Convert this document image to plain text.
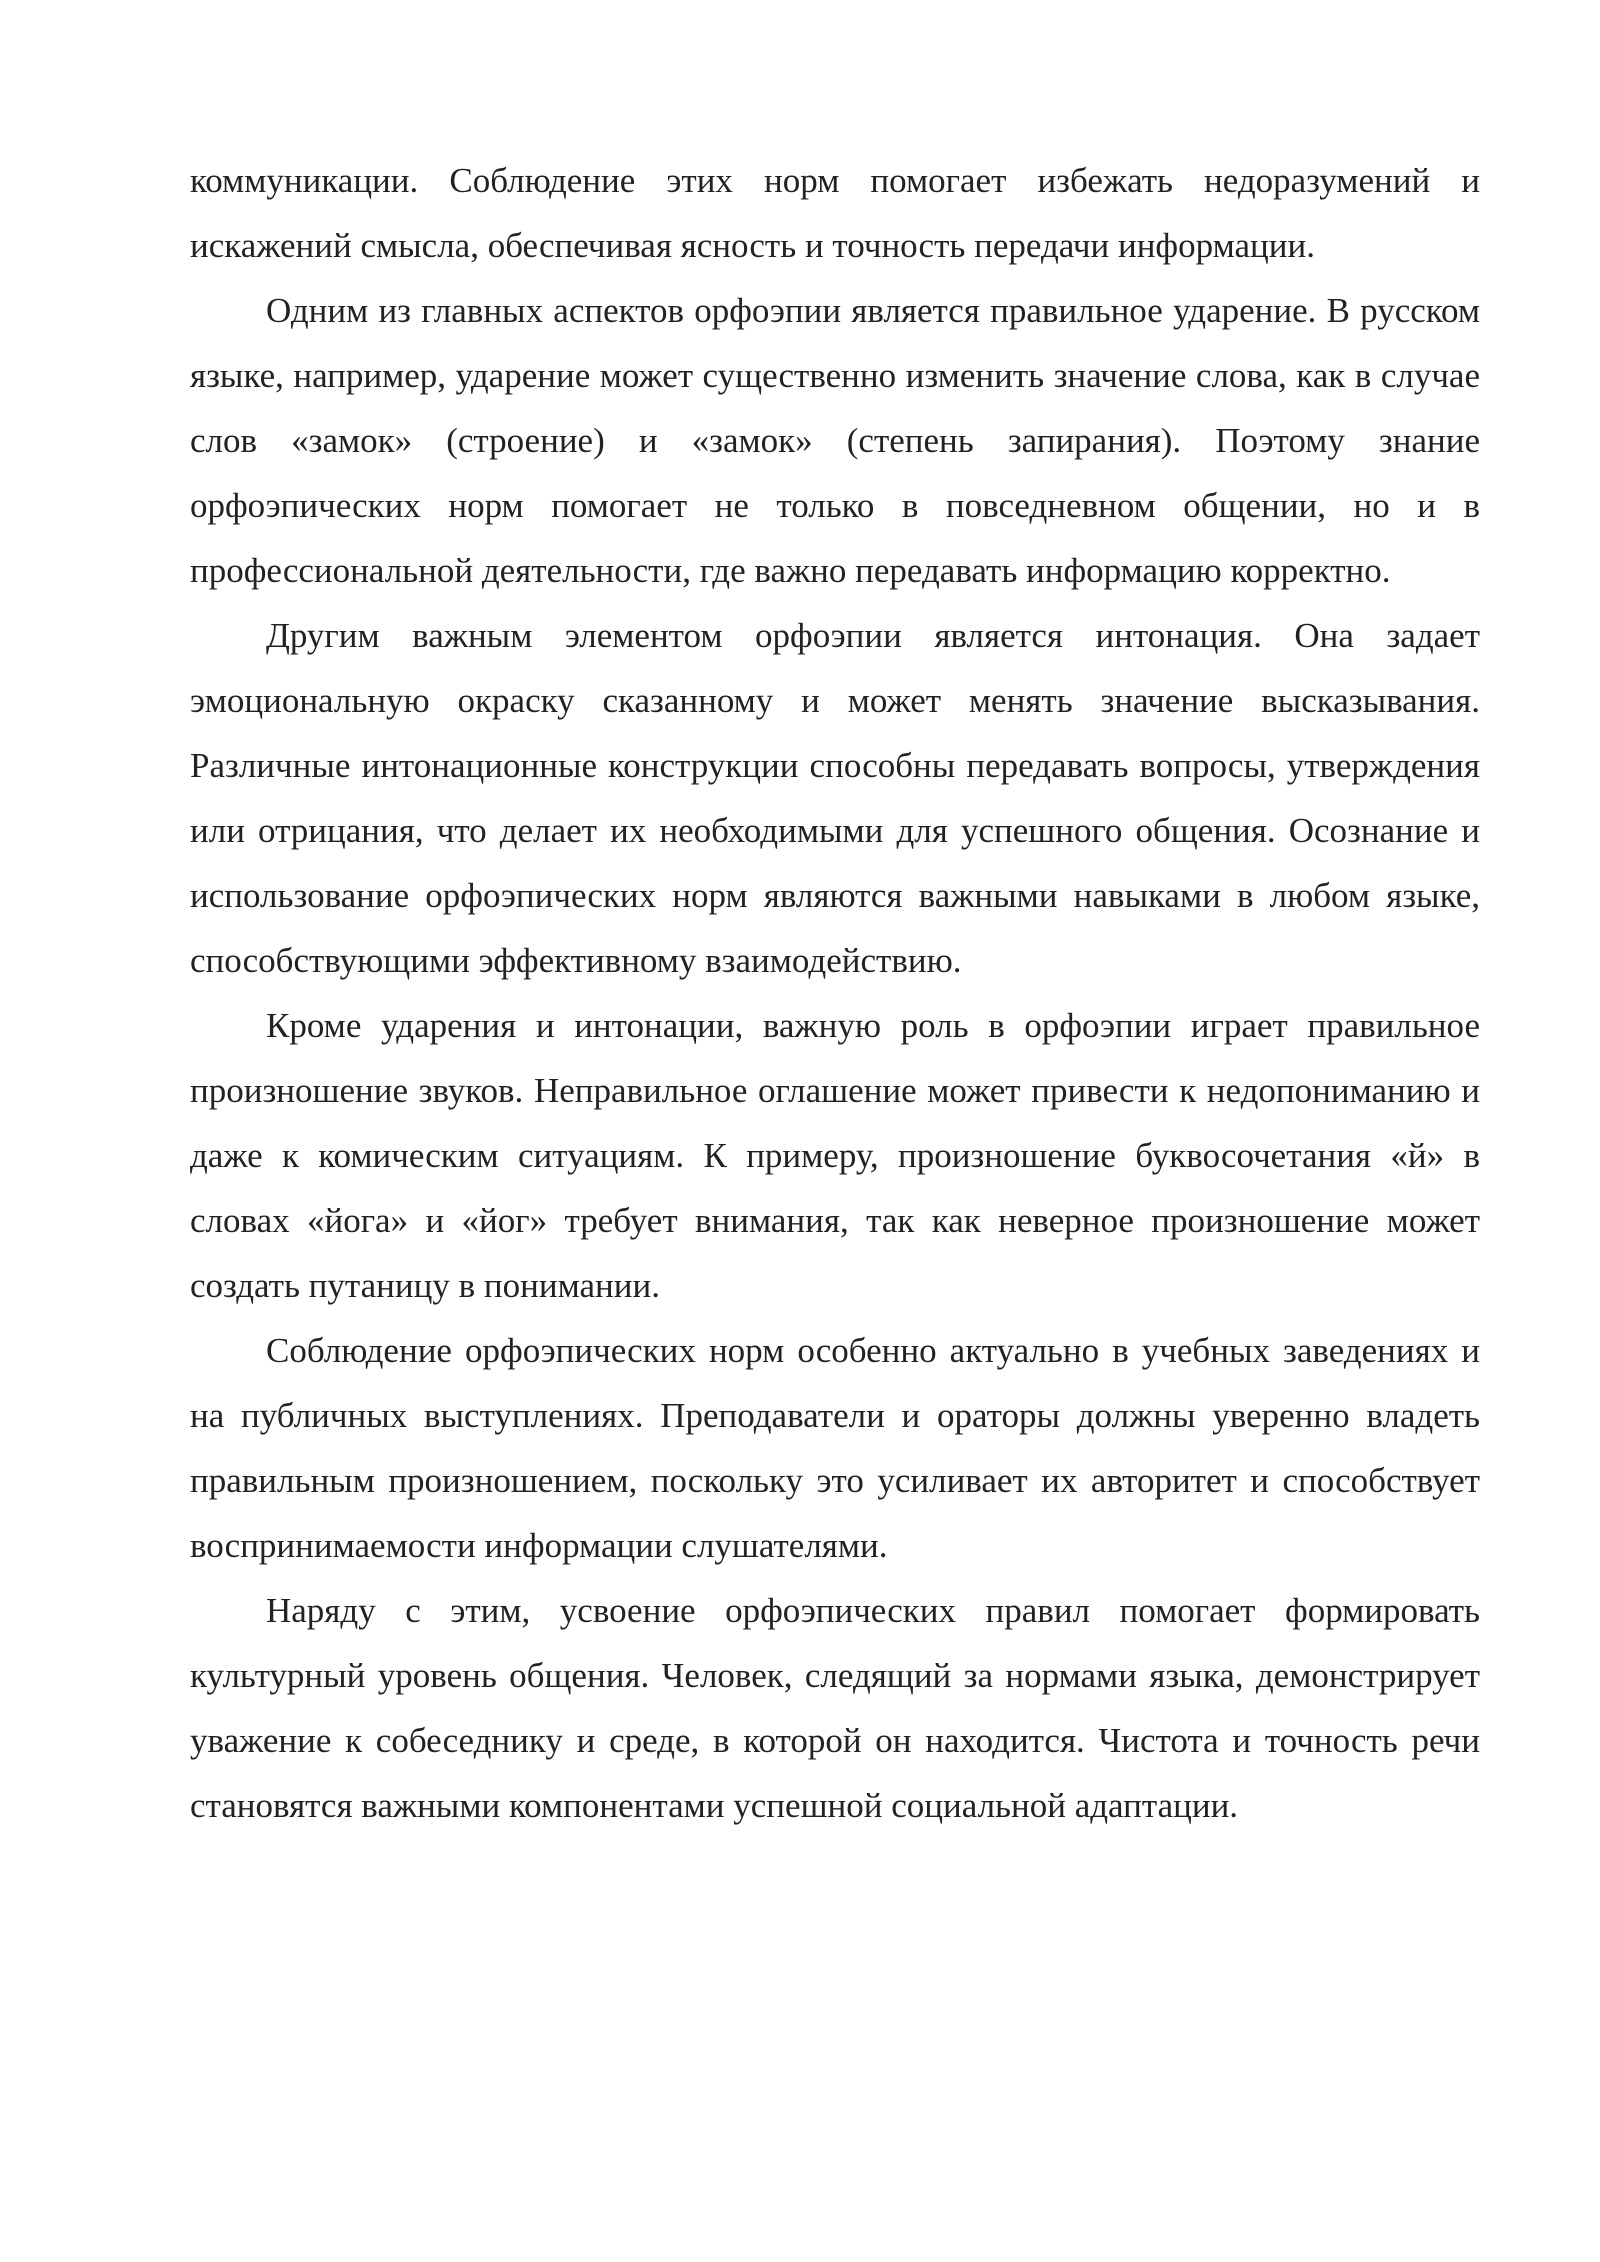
коммуникации. Соблюдение этих норм помогает избежать недоразумений и искажений смысла, обеспечивая ясность и точность передачи информации.

Одним из главных аспектов орфоэпии является правильное ударение. В русском языке, например, ударение может существенно изменить значение слова, как в случае слов «замок» (строение) и «замок» (степень запирания). Поэтому знание орфоэпических норм помогает не только в повседневном общении, но и в профессиональной деятельности, где важно передавать информацию корректно.

Другим важным элементом орфоэпии является интонация. Она задает эмоциональную окраску сказанному и может менять значение высказывания. Различные интонационные конструкции способны передавать вопросы, утверждения или отрицания, что делает их необходимыми для успешного общения. Осознание и использование орфоэпических норм являются важными навыками в любом языке, способствующими эффективному взаимодействию.

Кроме ударения и интонации, важную роль в орфоэпии играет правильное произношение звуков. Неправильное оглашение может привести к недопониманию и даже к комическим ситуациям. К примеру, произношение буквосочетания «й» в словах «йога» и «йог» требует внимания, так как неверное произношение может создать путаницу в понимании.

Соблюдение орфоэпических норм особенно актуально в учебных заведениях и на публичных выступлениях. Преподаватели и ораторы должны уверенно владеть правильным произношением, поскольку это усиливает их авторитет и способствует воспринимаемости информации слушателями.

Наряду с этим, усвоение орфоэпических правил помогает формировать культурный уровень общения. Человек, следящий за нормами языка, демонстрирует уважение к собеседнику и среде, в которой он находится. Чистота и точность речи становятся важными компонентами успешной социальной адаптации.
